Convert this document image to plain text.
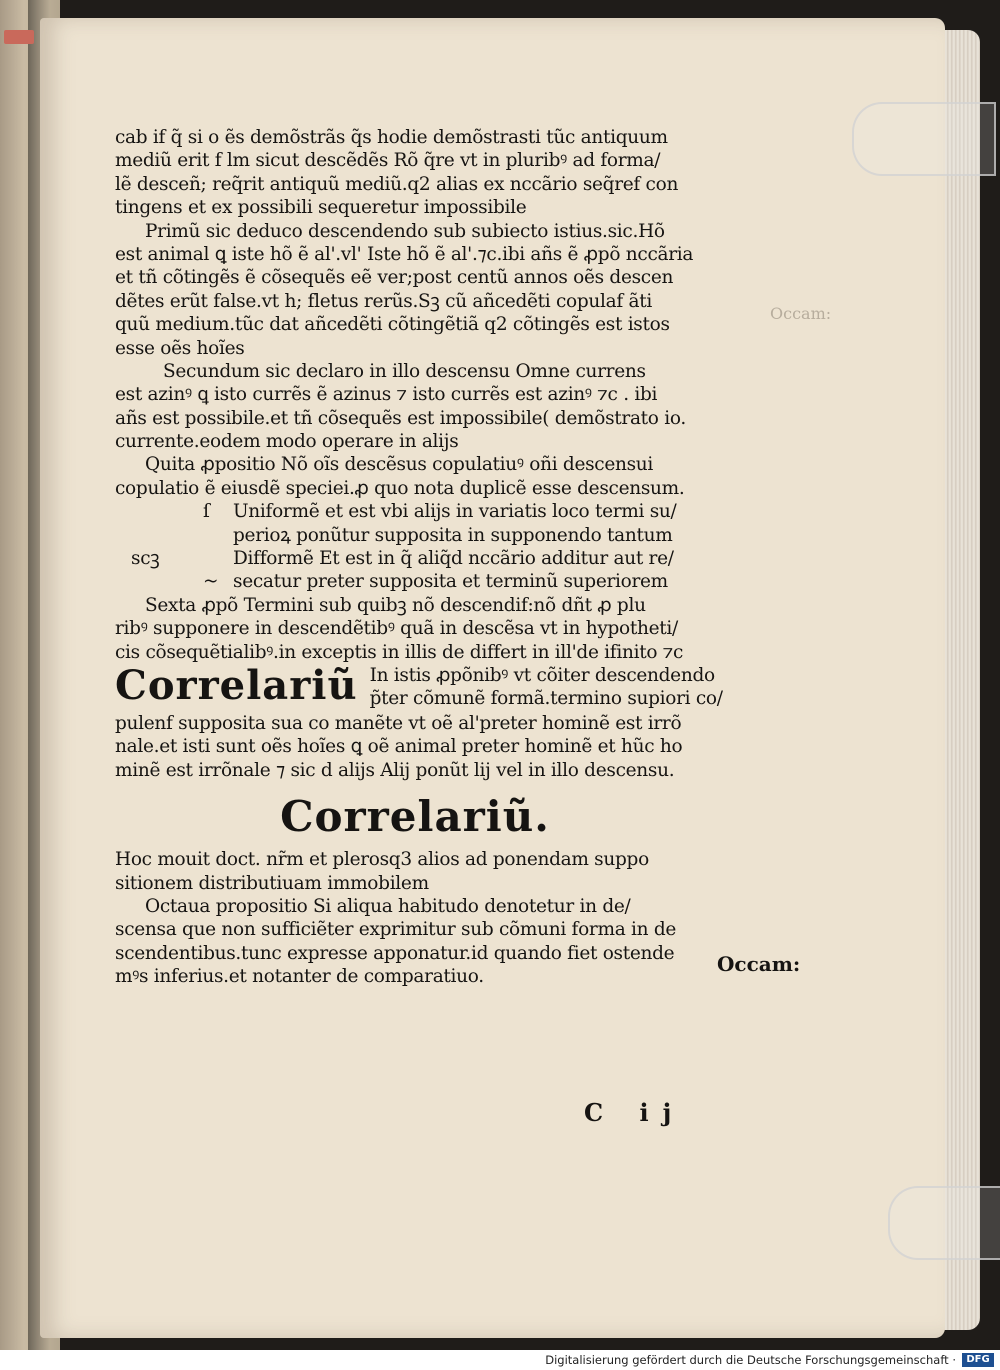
Occam:
cab if q̃ si o ẽs demõstrãs q̃s hodie demõstrasti tũc antiquum
mediũ erit f lm sicut descẽdẽs Rõ q̃re vt in pluribꝰ ad forma/
lẽ desceñ; req̃rit antiquũ mediũ.q2 alias ex nccãrio seq̃ref con
tingens et ex possibili sequeretur impossibile
Primũ sic deduco descendendo sub subiecto istius.sic.Hõ
est animal ꝗ iste hõ ẽ al'.vl' Iste hõ ẽ al'.⁊c.ibi añs ẽ ꝓpõ nccãria
et tñ cõtingẽs ẽ cõsequẽs eẽ ver;post centũ annos oẽs descen
dẽtes erũt false.vt h; fletus rerũs.Sꝫ cũ añcedẽti copulaf ãti
quũ medium.tũc dat añcedẽti cõtingẽtiã q2 cõtingẽs est istos
esse oẽs hoĩes
Secundum sic declaro in illo descensu Omne currens
est azinꝰ ꝗ isto currẽs ẽ azinus ⁊ isto currẽs est azinꝰ ⁊c . ibi
añs est possibile.et tñ cõsequẽs est impossibile( demõstrato io.
currente.eodem modo operare in alijs
Quita ꝓpositio Nõ oĩs descẽsus copulatiuꝰ oñi descensui
copulatio ẽ eiusdẽ speciei.ꝓ quo nota duplicẽ esse descensum.
ſ Uniformẽ et est vbi alijs in variatis loco termi su/
perioꝝ ponũtur supposita in supponendo tantum
scꝫ	Difformẽ Et est in q̃ aliq̃d nccãrio additur aut re/
~ secatur preter supposita et terminũ superiorem
Sexta ꝓpõ Termini sub quibꝫ nõ descendif:nõ dñt ꝓ plu
ribꝰ supponere in descendẽtibꝰ quã in descẽsa vt in hypotheti/
cis cõsequẽtialibꝰ.in exceptis in illis de differt in ill'de ifinito ⁊c
Correlariũ In istis ꝓpõnibꝰ vt cõiter descendendo
p̃ter cõmunẽ formã.termino supiori co/
pulenf supposita sua co manẽte vt oẽ al'preter hominẽ est irrõ
nale.et isti sunt oẽs hoĩes ꝗ oẽ animal preter hominẽ et hũc ho
minẽ est irrõnale ⁊ sic d alijs Alij ponũt lij vel in illo descensu.
Correlariũ.
Hoc mouit doct. nr̃m et plerosq3 alios ad ponendam suppo
sitionem distributiuam immobilem
Octaua propositio Si aliqua habitudo denotetur in de/
scensa que non sufficiẽter exprimitur sub cõmuni forma in de
scendentibus.tunc expresse apponatur.id quando fiet ostende
mꝰs inferius.et notanter de comparatiuo.
Occam:
C ij
Digitalisierung gefördert durch die Deutsche Forschungsgemeinschaft ·	DFG
